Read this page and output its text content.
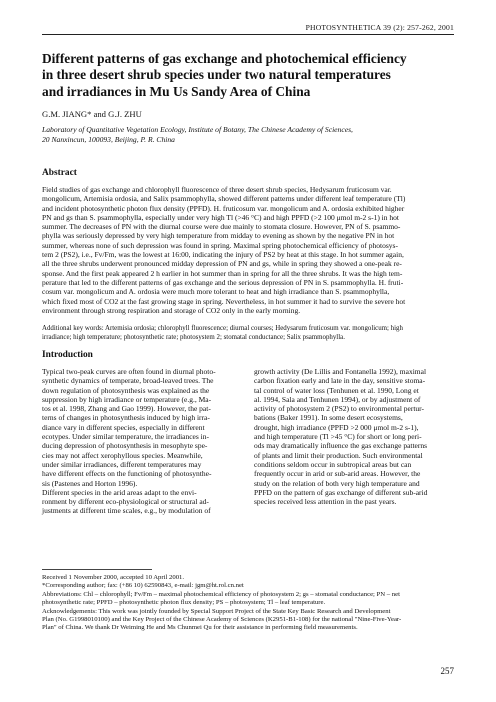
PHOTOSYNTHETICA 39 (2): 257-262, 2001
Different patterns of gas exchange and photochemical efficiency
in three desert shrub species under two natural temperatures
and irradiances in Mu Us Sandy Area of China
G.M. JIANG* and G.J. ZHU
Laboratory of Quantitative Vegetation Ecology, Institute of Botany, The Chinese Academy of Sciences,
20 Nanxincun, 100093, Beijing, P. R. China
Abstract
Field studies of gas exchange and chlorophyll fluorescence of three desert shrub species, Hedysarum fruticosum var.
mongolicum, Artemisia ordosia, and Salix psammophylla, showed different patterns under different leaf temperature (Tl)
and incident photosynthetic photon flux density (PPFD). H. fruticosum var. mongolicum and A. ordosia exhibited higher
PN and gs than S. psammophylla, especially under very high Tl (>46 °C) and high PPFD (>2 100 μmol m-2 s-1) in hot
summer. The decreases of PN with the diurnal course were due mainly to stomata closure. However, PN of S. psammo-
phylla was seriously depressed by very high temperature from midday to evening as shown by the negative PN in hot
summer, whereas none of such depression was found in spring. Maximal spring photochemical efficiency of photosys-
tem 2 (PS2), i.e., Fv/Fm, was the lowest at 16:00, indicating the injury of PS2 by heat at this stage. In hot summer again,
all the three shrubs underwent pronounced midday depression of PN and gs, while in spring they showed a one-peak re-
sponse. And the first peak appeared 2 h earlier in hot summer than in spring for all the three shrubs. It was the high tem-
perature that led to the different patterns of gas exchange and the serious depression of PN in S. psammophylla. H. fruti-
cosum var. mongolicum and A. ordosia were much more tolerant to heat and high irradiance than S. psammophylla,
which fixed most of CO2 at the fast growing stage in spring. Nevertheless, in hot summer it had to survive the severe hot
environment through strong respiration and storage of CO2 only in the early morning.
Additional key words: Artemisia ordosia; chlorophyll fluorescence; diurnal courses; Hedysarum fruticosum var. mongolicum; high
irradiance; high temperature; photosynthetic rate; photosystem 2; stomatal conductance; Salix psammophylla.
Introduction
Typical two-peak curves are often found in diurnal photo-
synthetic dynamics of temperate, broad-leaved trees. The
down regulation of photosynthesis was explained as the
suppression by high irradiance or temperature (e.g., Ma-
tos et al. 1998, Zhang and Gao 1999). However, the pat-
terns of changes in photosynthesis induced by high irra-
diance vary in different species, especially in different
ecotypes. Under similar temperature, the irradiances in-
ducing depression of photosynthesis in mesophyte spe-
cies may not affect xerophyllous species. Meanwhile,
under similar irradiances, different temperatures may
have different effects on the functioning of photosynthe-
sis (Pastenes and Horton 1996).
Different species in the arid areas adapt to the envi-
ronment by different eco-physiological or structural ad-
justments at different time scales, e.g., by modulation of
growth activity (De Lillis and Fontanella 1992), maximal
carbon fixation early and late in the day, sensitive stoma-
tal control of water loss (Tenhunen et al. 1990, Long et
al. 1994, Sala and Tenhunen 1994), or by adjustment of
activity of photosystem 2 (PS2) to environmental pertur-
bations (Baker 1991). In some desert ecosystems,
drought, high irradiance (PPFD >2 000 μmol m-2 s-1),
and high temperature (Tl >45 °C) for short or long peri-
ods may dramatically influence the gas exchange patterns
of plants and limit their production. Such environmental
conditions seldom occur in subtropical areas but can
frequently occur in arid or sub-arid areas. However, the
study on the relation of both very high temperature and
PPFD on the pattern of gas exchange of different sub-arid
species received less attention in the past years.
Received 1 November 2000, accepted 10 April 2001.
*Corresponding author; fax: (+86 10) 62590843, e-mail: jgm@ht.rol.cn.net
Abbreviations: Chl – chlorophyll; Fv/Fm – maximal photochemical efficiency of photosystem 2; gs – stomatal conductance; PN – net
photosynthetic rate; PPFD – photosynthetic photon flux density; PS – photosystem; Tl – leaf temperature.
Acknowledgements: This work was jointly founded by Special Support Project of the State Key Basic Research and Development
Plan (No. G1998010100) and the Key Project of the Chinese Academy of Sciences (K2951-B1-108) for the national "Nine-Five-Year-
Plan" of China. We thank Dr Weiming He and Ms Chunmei Qu for their assistance in performing field measurements.
257
